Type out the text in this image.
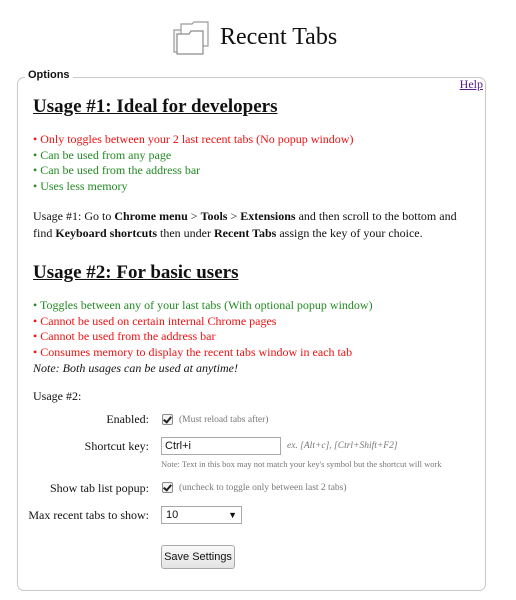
Recent Tabs
Options
Help
Usage #1: Ideal for developers
• Only toggles between your 2 last recent tabs (No popup window)
• Can be used from any page
• Can be used from the address bar
• Uses less memory
Usage #1: Go to Chrome menu > Tools > Extensions and then scroll to the bottom and find Keyboard shortcuts then under Recent Tabs assign the key of your choice.
Usage #2: For basic users
• Toggles between any of your last tabs (With optional popup window)
• Cannot be used on certain internal Chrome pages
• Cannot be used from the address bar
• Consumes memory to display the recent tabs window in each tab
Note: Both usages can be used at anytime!
Usage #2:
Enabled:	(Must reload tabs after)
Shortcut key:	Ctrl+i	ex. [Alt+c], [Ctrl+Shift+F2]
Note: Text in this box may not match your key's symbol but the shortcut will work
Show tab list popup:	(uncheck to toggle only between last 2 tabs)
Max recent tabs to show:	10	▼
Save Settings
